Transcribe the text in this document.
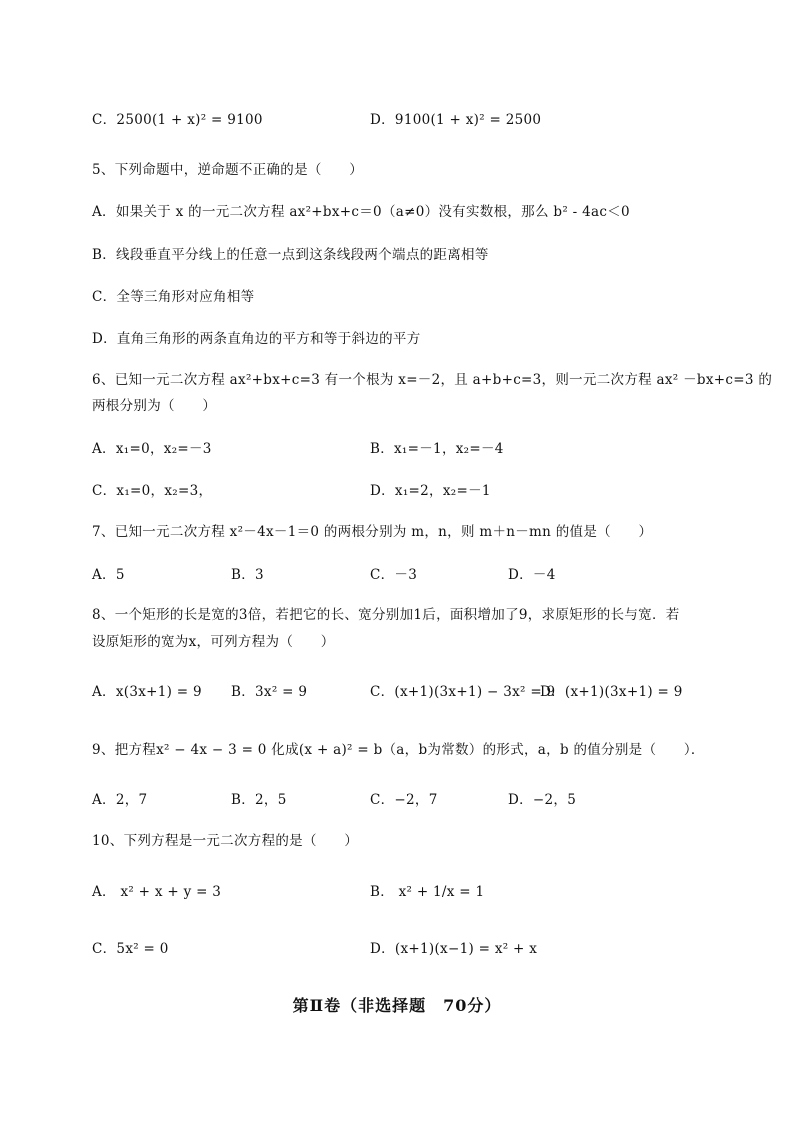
C．2500(1 + x)² = 9100	D．9100(1 + x)² = 2500
5、下列命题中，逆命题不正确的是（　　）
A．如果关于 x 的一元二次方程 ax²+bx+c＝0（a≠0）没有实数根，那么 b² - 4ac＜0
B．线段垂直平分线上的任意一点到这条线段两个端点的距离相等
C．全等三角形对应角相等
D．直角三角形的两条直角边的平方和等于斜边的平方
6、已知一元二次方程 ax²+bx+c=3 有一个根为 x=－2，且 a+b+c=3，则一元二次方程 ax² －bx+c=3 的
两根分别为（　　）
A．x₁=0，x₂=－3	B．x₁=－1，x₂=－4
C．x₁=0，x₂=3，	D．x₁=2，x₂=－1
7、已知一元二次方程 x²－4x－1＝0 的两根分别为 m，n，则 m＋n－mn 的值是（　　）
A．5	B．3	C．－3	D．－4
8、一个矩形的长是宽的3倍，若把它的长、宽分别加1后，面积增加了9，求原矩形的长与宽．若
设原矩形的宽为x，可列方程为（　　）
A．x(3x+1) = 9 B．3x² = 9	C．(x+1)(3x+1) − 3x² = 9
D．(x+1)(3x+1) = 9
9、把方程x² − 4x − 3 = 0 化成(x + a)² = b（a，b为常数）的形式，a，b 的值分别是（　　）．
A．2，7	B．2，5	C．−2，7	D．−2，5
10、下列方程是一元二次方程的是（　　）
A． x² + x + y = 3	B． x² + 1/x = 1
C．5x² = 0	D．(x+1)(x−1) = x² + x
第Ⅱ卷（非选择题　70分）
